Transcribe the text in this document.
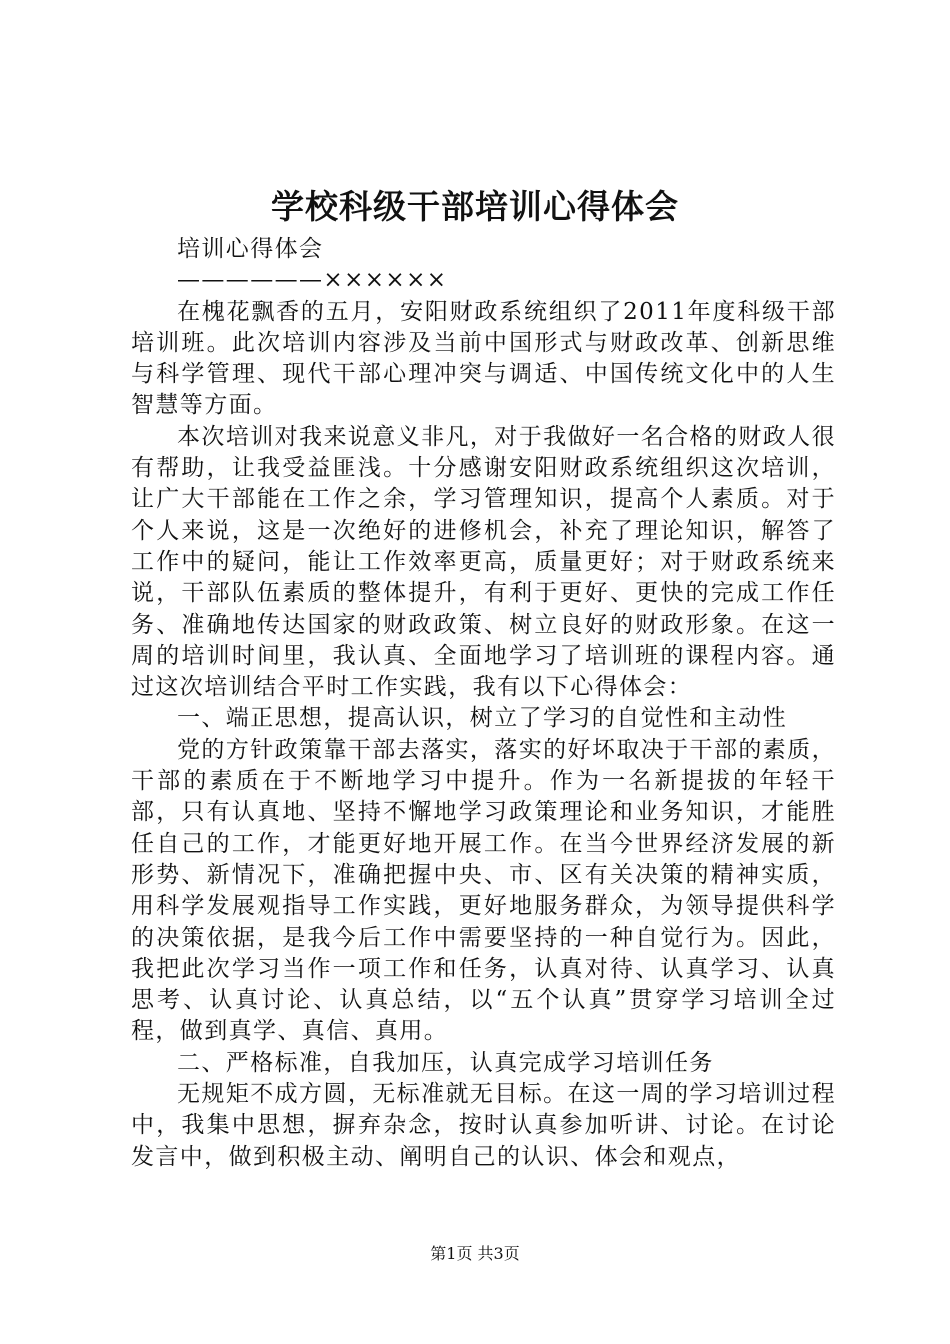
学校科级干部培训心得体会

培训心得体会

——————××××××

在槐花飘香的五月，安阳财政系统组织了2011年度科级干部培训班。此次培训内容涉及当前中国形式与财政改革、创新思维与科学管理、现代干部心理冲突与调适、中国传统文化中的人生智慧等方面。

本次培训对我来说意义非凡，对于我做好一名合格的财政人很有帮助，让我受益匪浅。十分感谢安阳财政系统组织这次培训，让广大干部能在工作之余，学习管理知识，提高个人素质。对于个人来说，这是一次绝好的进修机会，补充了理论知识，解答了工作中的疑问，能让工作效率更高，质量更好；对于财政系统来说，干部队伍素质的整体提升，有利于更好、更快的完成工作任务、准确地传达国家的财政政策、树立良好的财政形象。在这一周的培训时间里，我认真、全面地学习了培训班的课程内容。通过这次培训结合平时工作实践，我有以下心得体会：

一、端正思想，提高认识，树立了学习的自觉性和主动性

党的方针政策靠干部去落实，落实的好坏取决于干部的素质，干部的素质在于不断地学习中提升。作为一名新提拔的年轻干部，只有认真地、坚持不懈地学习政策理论和业务知识，才能胜任自己的工作，才能更好地开展工作。在当今世界经济发展的新形势、新情况下，准确把握中央、市、区有关决策的精神实质，用科学发展观指导工作实践，更好地服务群众，为领导提供科学的决策依据，是我今后工作中需要坚持的一种自觉行为。因此，我把此次学习当作一项工作和任务，认真对待、认真学习、认真思考、认真讨论、认真总结，以“五个认真”贯穿学习培训全过程，做到真学、真信、真用。

二、严格标准，自我加压，认真完成学习培训任务

无规矩不成方圆，无标准就无目标。在这一周的学习培训过程中，我集中思想，摒弃杂念，按时认真参加听讲、讨论。在讨论发言中，做到积极主动、阐明自己的认识、体会和观点，

第1页 共3页
